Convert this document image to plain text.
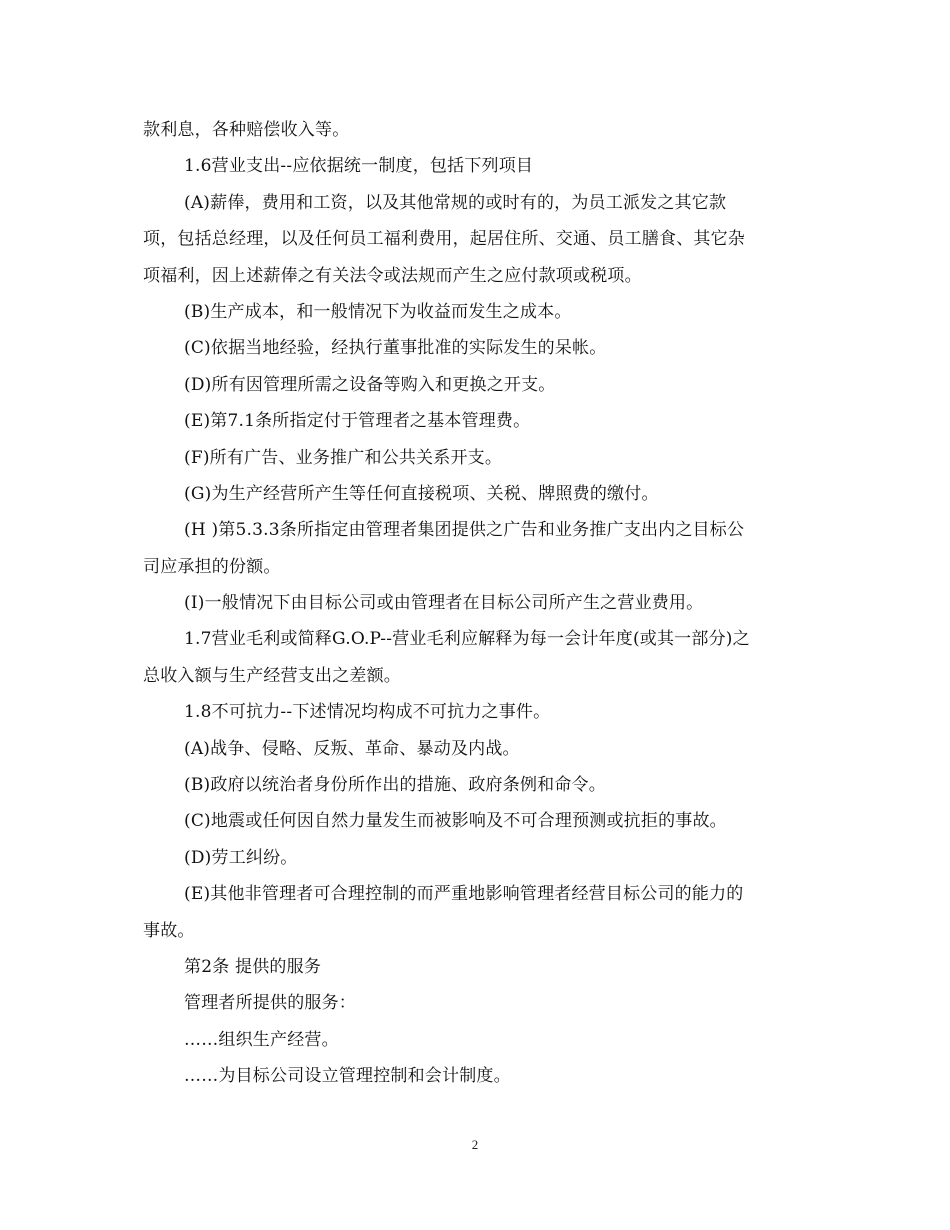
款利息，各种赔偿收入等。
1.6营业支出--应依据统一制度，包括下列项目
(A)薪俸，费用和工资，以及其他常规的或时有的，为员工派发之其它款
项，包括总经理，以及任何员工福利费用，起居住所、交通、员工膳食、其它杂
项福利，因上述薪俸之有关法令或法规而产生之应付款项或税项。
(B)生产成本，和一般情况下为收益而发生之成本。
(C)依据当地经验，经执行董事批准的实际发生的呆帐。
(D)所有因管理所需之设备等购入和更换之开支。
(E)第7.1条所指定付于管理者之基本管理费。
(F)所有广告、业务推广和公共关系开支。
(G)为生产经营所产生等任何直接税项、关税、牌照费的缴付。
(H )第5.3.3条所指定由管理者集团提供之广告和业务推广支出内之目标公
司应承担的份额。
(I)一般情况下由目标公司或由管理者在目标公司所产生之营业费用。
1.7营业毛利或简释G.O.P--营业毛利应解释为每一会计年度(或其一部分)之
总收入额与生产经营支出之差额。
1.8不可抗力--下述情况均构成不可抗力之事件。
(A)战争、侵略、反叛、革命、暴动及内战。
(B)政府以统治者身份所作出的措施、政府条例和命令。
(C)地震或任何因自然力量发生而被影响及不可合理预测或抗拒的事故。
(D)劳工纠纷。
(E)其他非管理者可合理控制的而严重地影响管理者经营目标公司的能力的
事故。
第2条 提供的服务
管理者所提供的服务：
……组织生产经营。
……为目标公司设立管理控制和会计制度。
2
